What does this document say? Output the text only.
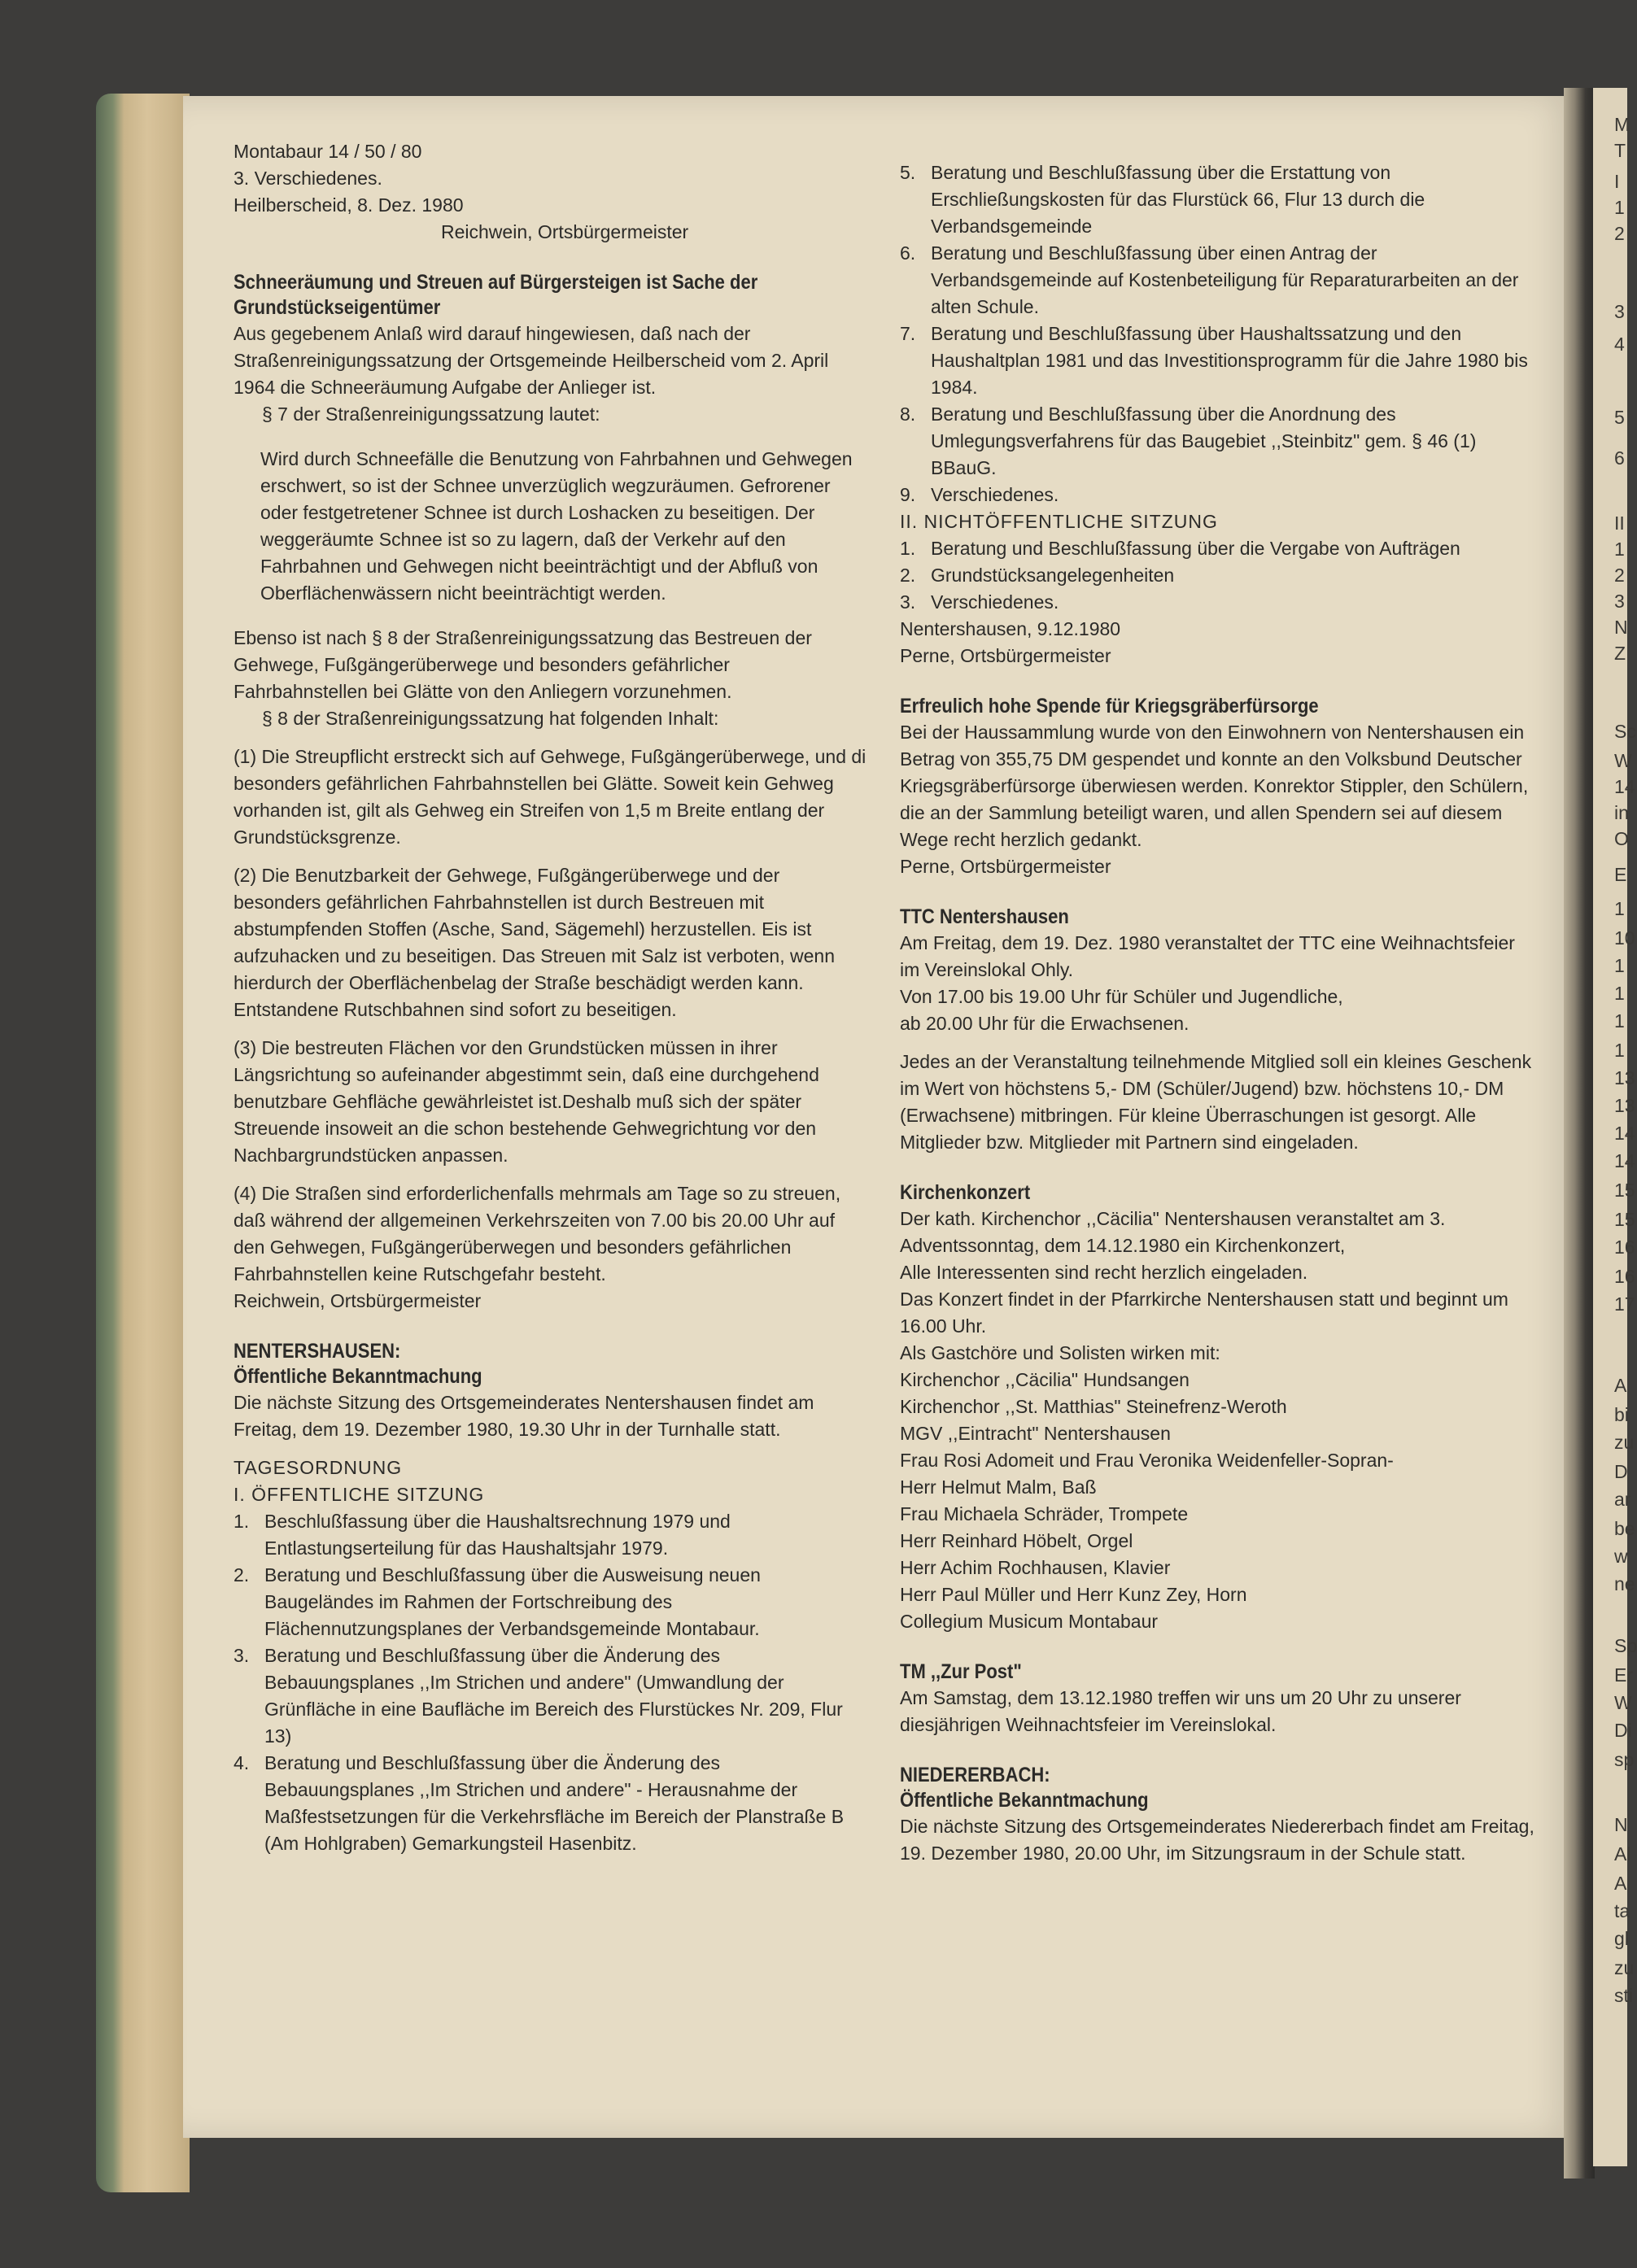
M
T
I
1
2
3
4
5
6
II
1
2
3
N
Z
Sc
W
14
in
O
E
1
10
1
1
1
1
13
13
14
14
15
15
16
16
17
A
bi
zu
D
ar
be
w
ne
Sp
Er
W
Di
sp
N
Al
A
ta
gl
zu
sti

Montabaur 14 / 50 / 80

3. Verschiedenes.

Heilberscheid, 8. Dez. 1980

Reichwein, Ortsbürgermeister

Schneeräumung und Streuen auf Bürgersteigen ist Sache der Grundstückseigentümer

Aus gegebenem Anlaß wird darauf hingewiesen, daß nach der Straßenreinigungssatzung der Ortsgemeinde Heilberscheid vom 2. April 1964 die Schneeräumung Aufgabe der Anlieger ist.

§ 7 der Straßenreinigungssatzung lautet:

Wird durch Schneefälle die Benutzung von Fahrbahnen und Gehwegen erschwert, so ist der Schnee unverzüglich wegzuräumen. Gefrorener oder festgetretener Schnee ist durch Loshacken zu beseitigen. Der weggeräumte Schnee ist so zu lagern, daß der Verkehr auf den Fahrbahnen und Gehwegen nicht beeinträchtigt und der Abfluß von Oberflächenwässern nicht beeinträchtigt werden.

Ebenso ist nach § 8 der Straßenreinigungssatzung das Bestreuen der Gehwege, Fußgängerüberwege und besonders gefährlicher Fahrbahnstellen bei Glätte von den Anliegern vorzunehmen.

§ 8 der Straßenreinigungssatzung hat folgenden Inhalt:

(1) Die Streupflicht erstreckt sich auf Gehwege, Fußgängerüberwege, und di besonders gefährlichen Fahrbahnstellen bei Glätte. Soweit kein Gehweg vorhanden ist, gilt als Gehweg ein Streifen von 1,5 m Breite entlang der Grundstücksgrenze.

(2) Die Benutzbarkeit der Gehwege, Fußgängerüberwege und der besonders gefährlichen Fahrbahnstellen ist durch Bestreuen mit abstumpfenden Stoffen (Asche, Sand, Sägemehl) herzustellen. Eis ist aufzuhacken und zu beseitigen. Das Streuen mit Salz ist verboten, wenn hierdurch der Oberflächenbelag der Straße beschädigt werden kann. Entstandene Rutschbahnen sind sofort zu beseitigen.

(3) Die bestreuten Flächen vor den Grundstücken müssen in ihrer Längsrichtung so aufeinander abgestimmt sein, daß eine durchgehend benutzbare Gehfläche gewährleistet ist.Deshalb muß sich der später Streuende insoweit an die schon bestehende Gehwegrichtung vor den Nachbargrundstücken anpassen.

(4) Die Straßen sind erforderlichenfalls mehrmals am Tage so zu streuen, daß während der allgemeinen Verkehrszeiten von 7.00 bis 20.00 Uhr auf den Gehwegen, Fußgängerüberwegen und besonders gefährlichen Fahrbahnstellen keine Rutschgefahr besteht.

Reichwein, Ortsbürgermeister

NENTERSHAUSEN:

Öffentliche Bekanntmachung

Die nächste Sitzung des Ortsgemeinderates Nentershausen findet am Freitag, dem 19. Dezember 1980, 19.30 Uhr in der Turnhalle statt.

TAGESORDNUNG

I. ÖFFENTLICHE SITZUNG

1. Beschlußfassung über die Haushaltsrechnung 1979 und Entlastungserteilung für das Haushaltsjahr 1979.
2. Beratung und Beschlußfassung über die Ausweisung neuen Baugeländes im Rahmen der Fortschreibung des Flächennutzungsplanes der Verbandsgemeinde Montabaur.
3. Beratung und Beschlußfassung über die Änderung des Bebauungsplanes ,,Im Strichen und andere" (Umwandlung der Grünfläche in eine Baufläche im Bereich des Flurstückes Nr. 209, Flur 13)
4. Beratung und Beschlußfassung über die Änderung des Bebauungsplanes ,,Im Strichen und andere" - Herausnahme der Maßfestsetzungen für die Verkehrsfläche im Bereich der Planstraße B (Am Hohlgraben) Gemarkungsteil Hasenbitz.
5. Beratung und Beschlußfassung über die Erstattung von Erschließungskosten für das Flurstück 66, Flur 13 durch die Verbandsgemeinde
6. Beratung und Beschlußfassung über einen Antrag der Verbandsgemeinde auf Kostenbeteiligung für Reparaturarbeiten an der alten Schule.
7. Beratung und Beschlußfassung über Haushaltssatzung und den Haushaltplan 1981 und das Investitionsprogramm für die Jahre 1980 bis 1984.
8. Beratung und Beschlußfassung über die Anordnung des Umlegungsverfahrens für das Baugebiet ,,Steinbitz" gem. § 46 (1) BBauG.
9. Verschiedenes.

II. NICHTÖFFENTLICHE SITZUNG

1. Beratung und Beschlußfassung über die Vergabe von Aufträgen
2. Grundstücksangelegenheiten
3. Verschiedenes.

Nentershausen, 9.12.1980

Perne, Ortsbürgermeister

Erfreulich hohe Spende für Kriegsgräberfürsorge

Bei der Haussammlung wurde von den Einwohnern von Nentershausen ein Betrag von 355,75 DM gespendet und konnte an den Volksbund Deutscher Kriegsgräberfürsorge überwiesen werden. Konrektor Stippler, den Schülern, die an der Sammlung beteiligt waren, und allen Spendern sei auf diesem Wege recht herzlich gedankt.

Perne, Ortsbürgermeister

TTC Nentershausen

Am Freitag, dem 19. Dez. 1980 veranstaltet der TTC eine Weihnachtsfeier im Vereinslokal Ohly.

Von 17.00 bis 19.00 Uhr für Schüler und Jugendliche,

ab 20.00 Uhr für die Erwachsenen.

Jedes an der Veranstaltung teilnehmende Mitglied soll ein kleines Geschenk im Wert von höchstens 5,- DM (Schüler/Jugend) bzw. höchstens 10,- DM (Erwachsene) mitbringen. Für kleine Überraschungen ist gesorgt. Alle Mitglieder bzw. Mitglieder mit Partnern sind eingeladen.

Kirchenkonzert

Der kath. Kirchenchor ,,Cäcilia" Nentershausen veranstaltet am 3. Adventssonntag, dem 14.12.1980 ein Kirchenkonzert,

Alle Interessenten sind recht herzlich eingeladen.

Das Konzert findet in der Pfarrkirche Nentershausen statt und beginnt um 16.00 Uhr.

Als Gastchöre und Solisten wirken mit:

Kirchenchor ,,Cäcilia" Hundsangen

Kirchenchor ,,St. Matthias" Steinefrenz-Weroth

MGV ,,Eintracht" Nentershausen

Frau Rosi Adomeit und Frau Veronika Weidenfeller-Sopran-

Herr Helmut Malm, Baß

Frau Michaela Schräder, Trompete

Herr Reinhard Höbelt, Orgel

Herr Achim Rochhausen, Klavier

Herr Paul Müller und Herr Kunz Zey, Horn

Collegium Musicum Montabaur

TM ,,Zur Post"

Am Samstag, dem 13.12.1980 treffen wir uns um 20 Uhr zu unserer diesjährigen Weihnachtsfeier im Vereinslokal.

NIEDERERBACH:

Öffentliche Bekanntmachung

Die nächste Sitzung des Ortsgemeinderates Niedererbach findet am Freitag, 19. Dezember 1980, 20.00 Uhr, im Sitzungsraum in der Schule statt.
